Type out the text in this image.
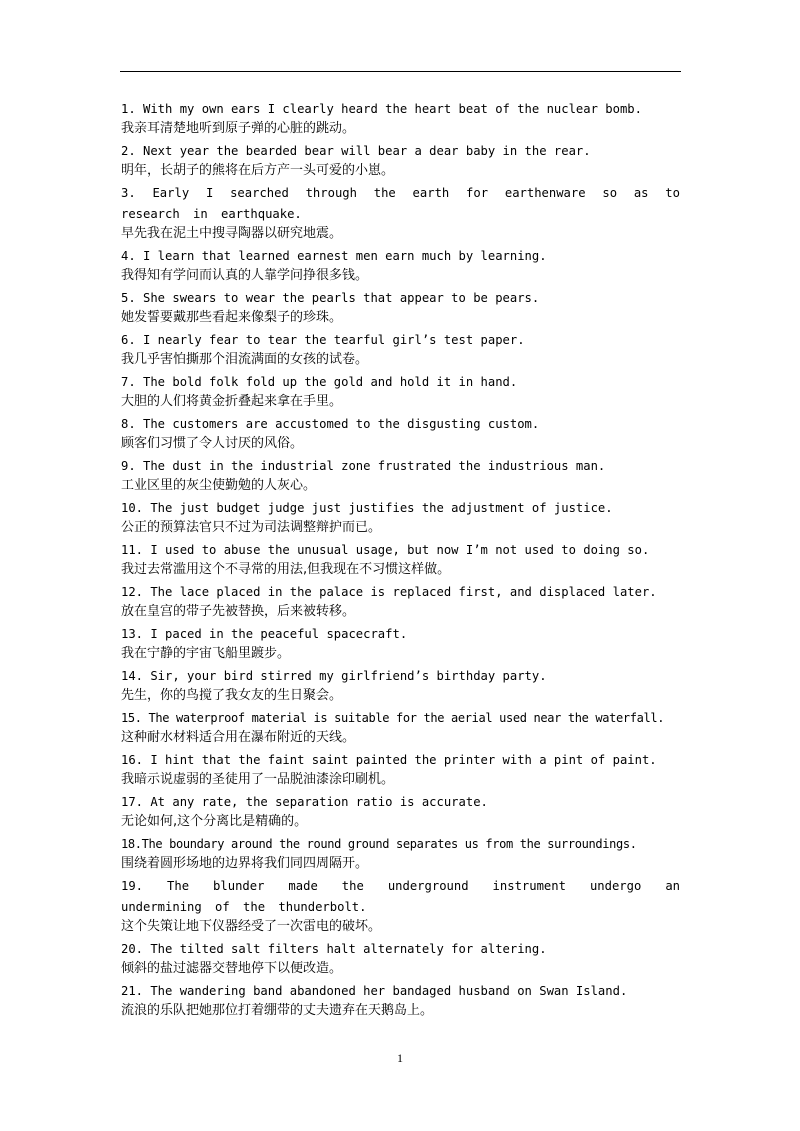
1. With my own ears I clearly heard the heart beat of the nuclear bomb.
我亲耳清楚地听到原子弹的心脏的跳动。
2. Next year the bearded bear will bear a dear baby in the rear.
明年，长胡子的熊将在后方产一头可爱的小崽。
3. Early I searched through the earth for earthenware so as to research in earthquake.
早先我在泥土中搜寻陶器以研究地震。
4. I learn that learned earnest men earn much by learning.
我得知有学问而认真的人靠学问挣很多钱。
5. She swears to wear the pearls that appear to be pears.
她发誓要戴那些看起来像梨子的珍珠。
6. I nearly fear to tear the tearful girl’s test paper.
我几乎害怕撕那个泪流满面的女孩的试卷。
7. The bold folk fold up the gold and hold it in hand.
大胆的人们将黄金折叠起来拿在手里。
8. The customers are accustomed to the disgusting custom.
顾客们习惯了令人讨厌的风俗。
9. The dust in the industrial zone frustrated the industrious man.
工业区里的灰尘使勤勉的人灰心。
10. The just budget judge just justifies the adjustment of justice.
公正的预算法官只不过为司法调整辩护而已。
11. I used to abuse the unusual usage, but now I’m not used to doing so.
我过去常滥用这个不寻常的用法,但我现在不习惯这样做。
12. The lace placed in the palace is replaced first, and displaced later.
放在皇宫的带子先被替换，后来被转移。
13. I paced in the peaceful spacecraft.
我在宁静的宇宙飞船里踱步。
14. Sir, your bird stirred my girlfriend’s birthday party.
先生，你的鸟搅了我女友的生日聚会。
15. The waterproof material is suitable for the aerial used near the waterfall.
这种耐水材料适合用在瀑布附近的天线。
16. I hint that the faint saint painted the printer with a pint of paint.
我暗示说虚弱的圣徒用了一品脱油漆涂印刷机。
17. At any rate, the separation ratio is accurate.
无论如何,这个分离比是精确的。
18.The boundary around the round ground separates us from the surroundings.
围绕着圆形场地的边界将我们同四周隔开。
19. The blunder made the underground instrument undergo an undermining of the thunderbolt.
这个失策让地下仪器经受了一次雷电的破坏。
20. The tilted salt filters halt alternately for altering.
倾斜的盐过滤器交替地停下以便改造。
21. The wandering band abandoned her bandaged husband on Swan Island.
流浪的乐队把她那位打着绷带的丈夫遗弃在天鹅岛上。
1
